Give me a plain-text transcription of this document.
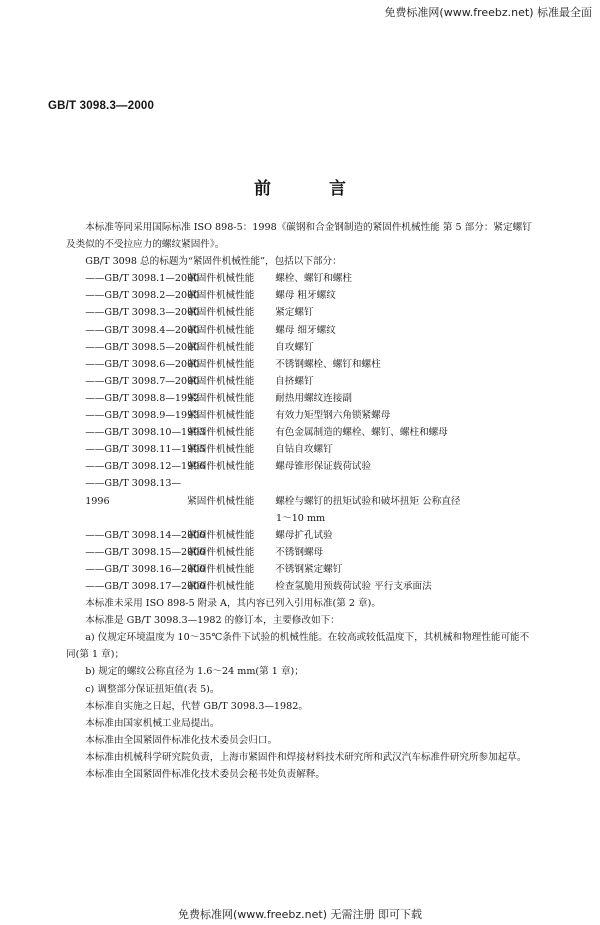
免费标准网(www.freebz.net) 标准最全面
GB/T 3098.3—2000
前 言

本标准等同采用国际标准 ISO 898-5：1998《碳钢和合金钢制造的紧固件机械性能 第 5 部分：紧定螺钉及类似的不受拉应力的螺纹紧固件》。

GB/T 3098 总的标题为“紧固件机械性能”，包括以下部分：

——GB/T 3098.1—2000紧固件机械性能 螺栓、螺钉和螺柱

——GB/T 3098.2—2000紧固件机械性能 螺母 粗牙螺纹

——GB/T 3098.3—2000紧固件机械性能 紧定螺钉

——GB/T 3098.4—2000紧固件机械性能 螺母 细牙螺纹

——GB/T 3098.5—2000紧固件机械性能 自攻螺钉

——GB/T 3098.6—2000紧固件机械性能 不锈钢螺栓、螺钉和螺柱

——GB/T 3098.7—2000紧固件机械性能 自挤螺钉

——GB/T 3098.8—1992紧固件机械性能 耐热用螺纹连接副

——GB/T 3098.9—1993紧固件机械性能 有效力矩型钢六角锁紧螺母

——GB/T 3098.10—1993紧固件机械性能 有色金属制造的螺栓、螺钉、螺柱和螺母

——GB/T 3098.11—1995紧固件机械性能 自钻自攻螺钉

——GB/T 3098.12—1996紧固件机械性能 螺母锥形保证载荷试验

——GB/T 3098.13—1996	紧固件机械性能 螺栓与螺钉的扭矩试验和破坏扭矩 公称直径
1～10 mm

——GB/T 3098.14—2000紧固件机械性能 螺母扩孔试验

——GB/T 3098.15—2000紧固件机械性能 不锈钢螺母

——GB/T 3098.16—2000紧固件机械性能 不锈钢紧定螺钉

——GB/T 3098.17—2000紧固件机械性能 检查氢脆用预载荷试验 平行支承面法

本标准未采用 ISO 898-5 附录 A，其内容已列入引用标准(第 2 章)。

本标准是 GB/T 3098.3—1982 的修订本，主要修改如下：

a) 仪规定环境温度为 10～35℃条件下试验的机械性能。在较高或较低温度下，其机械和物理性能可能不同(第 1 章)；

b) 规定的螺纹公称直径为 1.6～24 mm(第 1 章)；

c) 调整部分保证扭矩值(表 5)。

本标准自实施之日起，代替 GB/T 3098.3—1982。

本标准由国家机械工业局提出。

本标准由全国紧固件标准化技术委员会归口。

本标准由机械科学研究院负责，上海市紧固件和焊接材料技术研究所和武汉汽车标准件研究所参加起草。

本标准由全国紧固件标准化技术委员会秘书处负责解释。

免费标准网(www.freebz.net) 无需注册 即可下载
